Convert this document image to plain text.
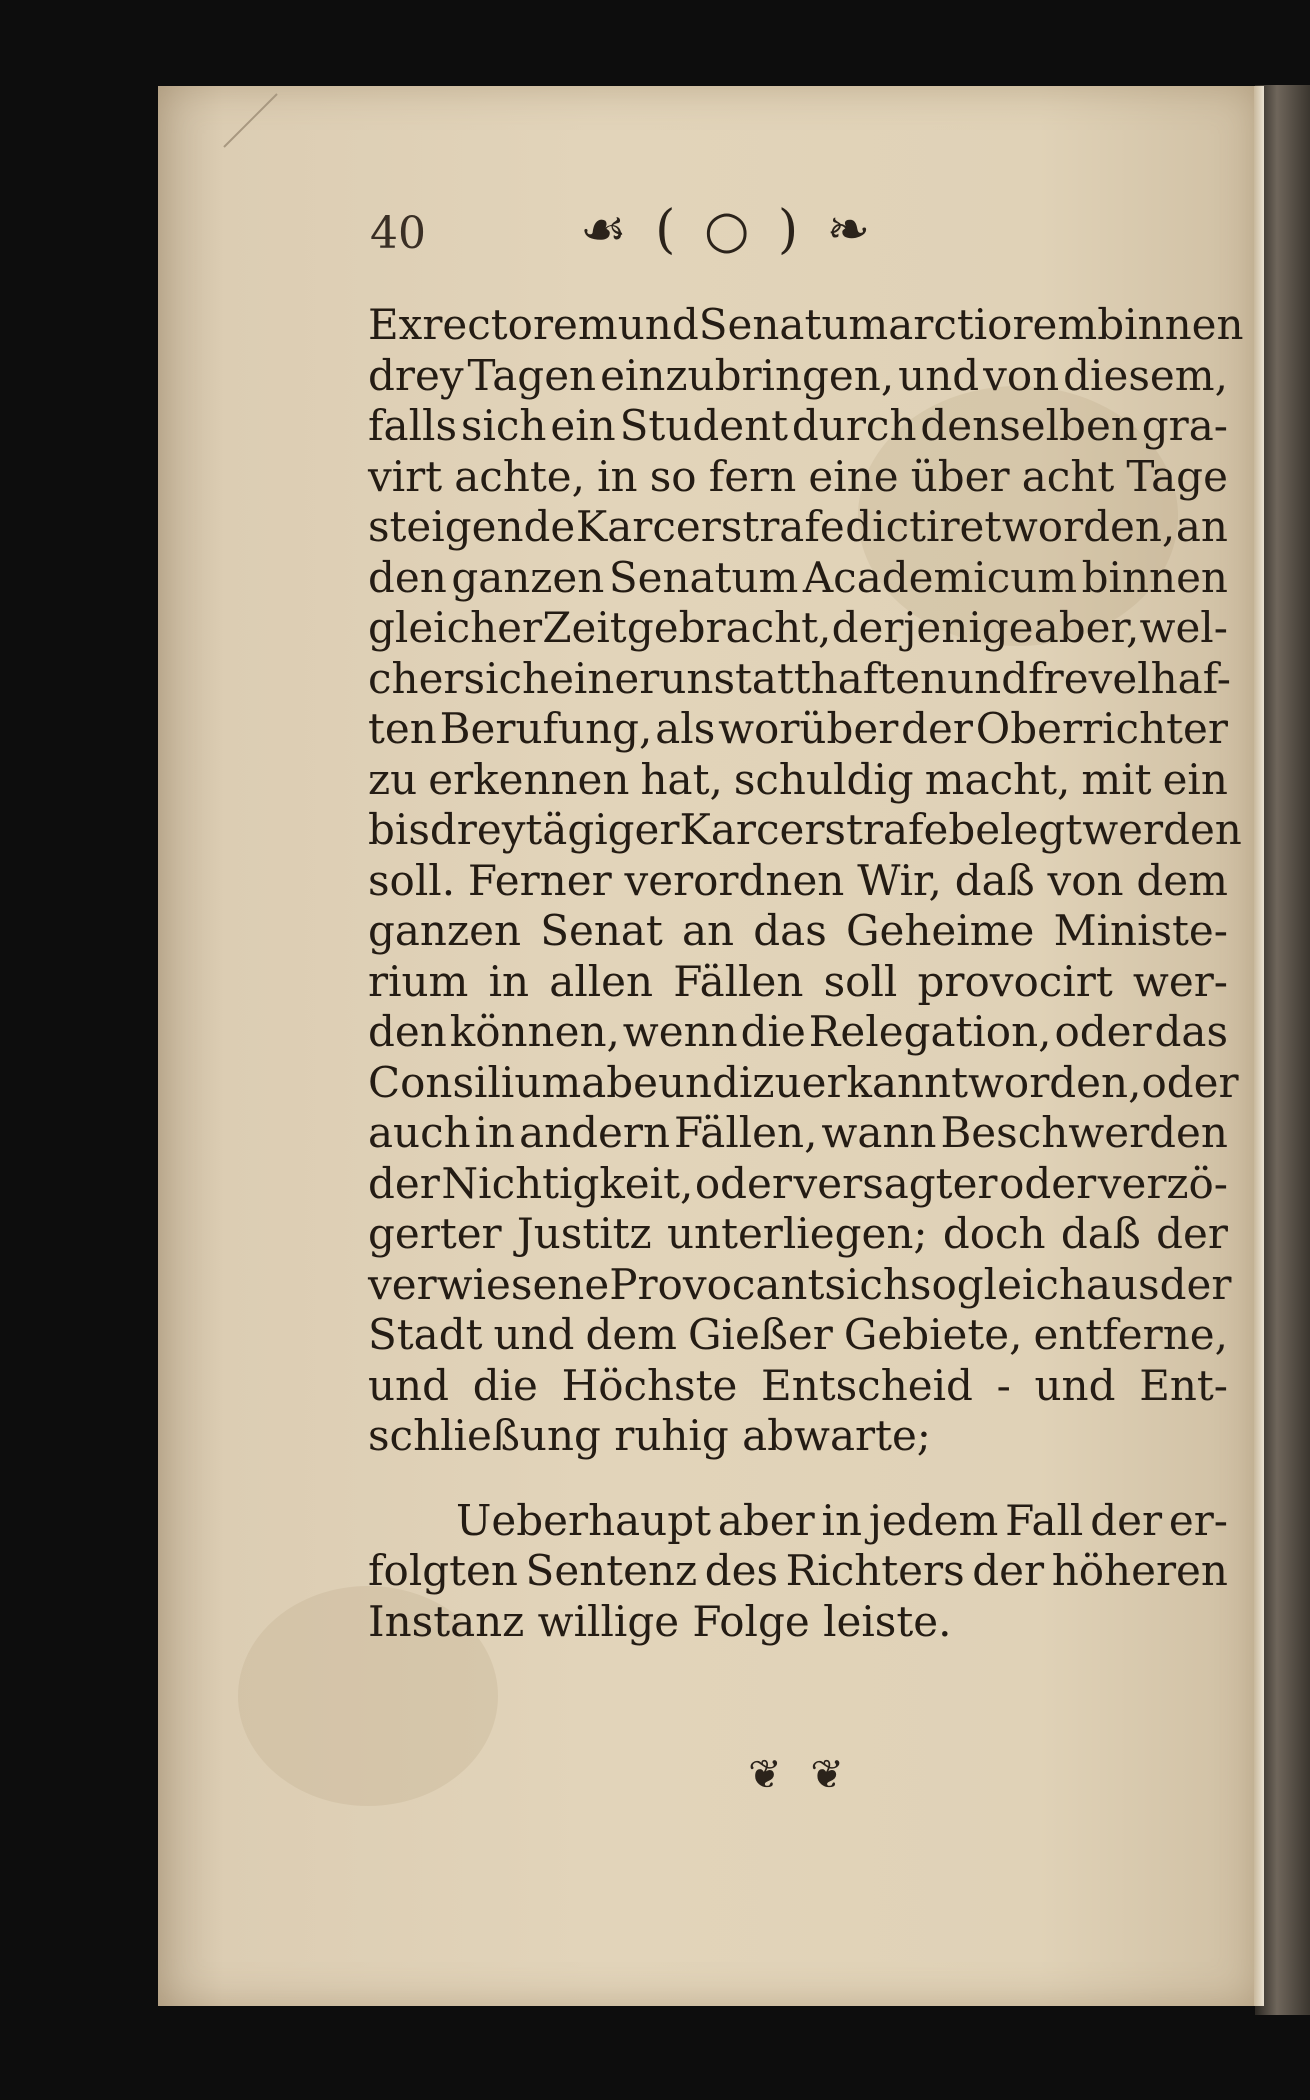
40	☙ ( ○ ) ❧
Exrectorem und Senatum arctiorem binnen
drey Tagen einzubringen, und von diesem,
falls sich ein Student durch denselben gra-
virt achte, in so fern eine über acht Tage
steigende Karcerstrafe dictiret worden, an
den ganzen Senatum Academicum binnen
gleicher Zeit gebracht, derjenige aber, wel-
cher sich einer unstatthaften und frevelhaf-
ten Berufung, als worüber der Oberrichter
zu erkennen hat, schuldig macht, mit ein
bis dreytägiger Karcerstrafe belegt werden
soll. Ferner verordnen Wir, daß von dem
ganzen Senat an das Geheime Ministe-
rium in allen Fällen soll provocirt wer-
den können, wenn die Relegation, oder das
Consilium abeundi zuerkannt worden, oder
auch in andern Fällen, wann Beschwerden
der Nichtigkeit, oder versagter oder verzö-
gerter Justitz unterliegen; doch daß der
verwiesene Provocant sich sogleich aus der
Stadt und dem Gießer Gebiete, entferne,
und die Höchste Entscheid - und Ent-
schließung ruhig abwarte;
Ueberhaupt aber in jedem Fall der er-
folgten Sentenz des Richters der höheren
Instanz willige Folge leiste.
❦ ❦
